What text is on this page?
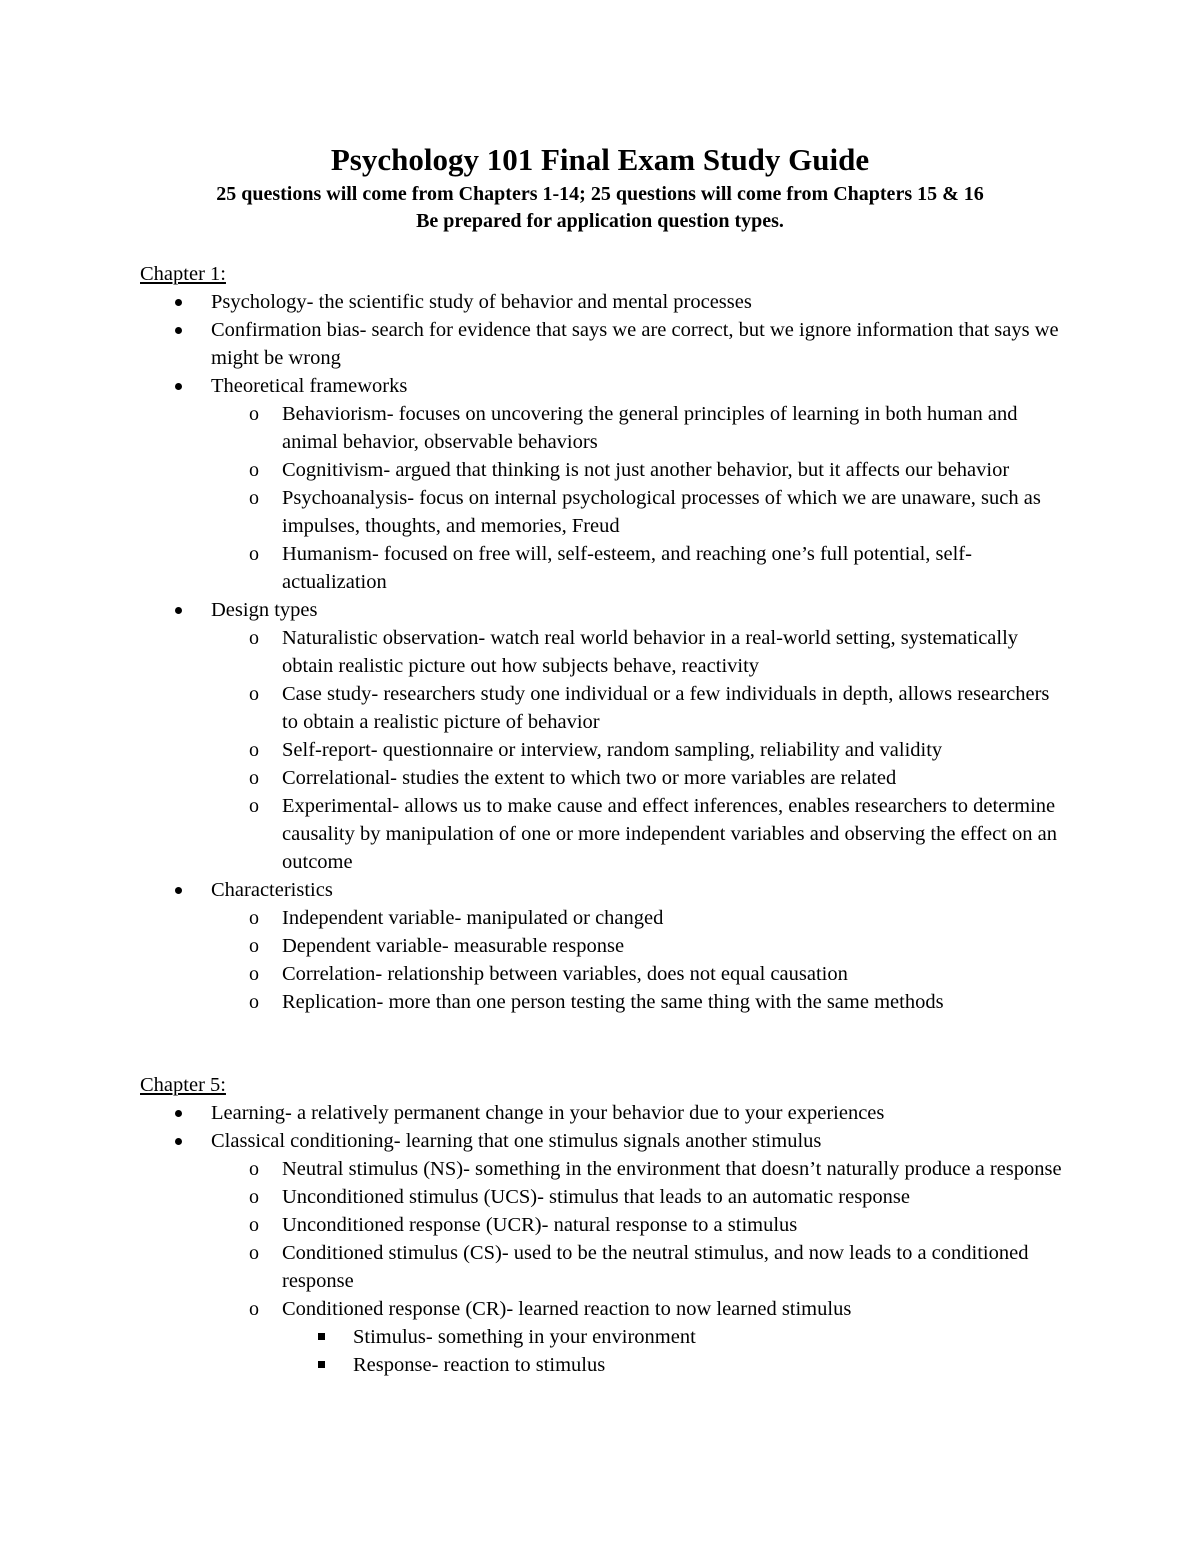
Psychology 101 Final Exam Study Guide
25 questions will come from Chapters 1-14; 25 questions will come from Chapters 15 & 16
Be prepared for application question types.

Chapter 1:

Psychology- the scientific study of behavior and mental processes
Confirmation bias- search for evidence that says we are correct, but we ignore information that says we might be wrong
Theoretical frameworks
o Behaviorism- focuses on uncovering the general principles of learning in both human and animal behavior, observable behaviors
o Cognitivism- argued that thinking is not just another behavior, but it affects our behavior
o Psychoanalysis- focus on internal psychological processes of which we are unaware, such as impulses, thoughts, and memories, Freud
o Humanism- focused on free will, self-esteem, and reaching one’s full potential, self-actualization
Design types
o Naturalistic observation- watch real world behavior in a real-world setting, systematically obtain realistic picture out how subjects behave, reactivity
o Case study- researchers study one individual or a few individuals in depth, allows researchers to obtain a realistic picture of behavior
o Self-report- questionnaire or interview, random sampling, reliability and validity
o Correlational- studies the extent to which two or more variables are related
o Experimental- allows us to make cause and effect inferences, enables researchers to determine causality by manipulation of one or more independent variables and observing the effect on an outcome
Characteristics
o Independent variable- manipulated or changed
o Dependent variable- measurable response
o Correlation- relationship between variables, does not equal causation
o Replication- more than one person testing the same thing with the same methods

Chapter 5:

Learning- a relatively permanent change in your behavior due to your experiences
Classical conditioning- learning that one stimulus signals another stimulus
o Neutral stimulus (NS)- something in the environment that doesn’t naturally produce a response
o Unconditioned stimulus (UCS)- stimulus that leads to an automatic response
o Unconditioned response (UCR)- natural response to a stimulus
o Conditioned stimulus (CS)- used to be the neutral stimulus, and now leads to a conditioned response
o Conditioned response (CR)- learned reaction to now learned stimulus
Stimulus- something in your environment
Response- reaction to stimulus
